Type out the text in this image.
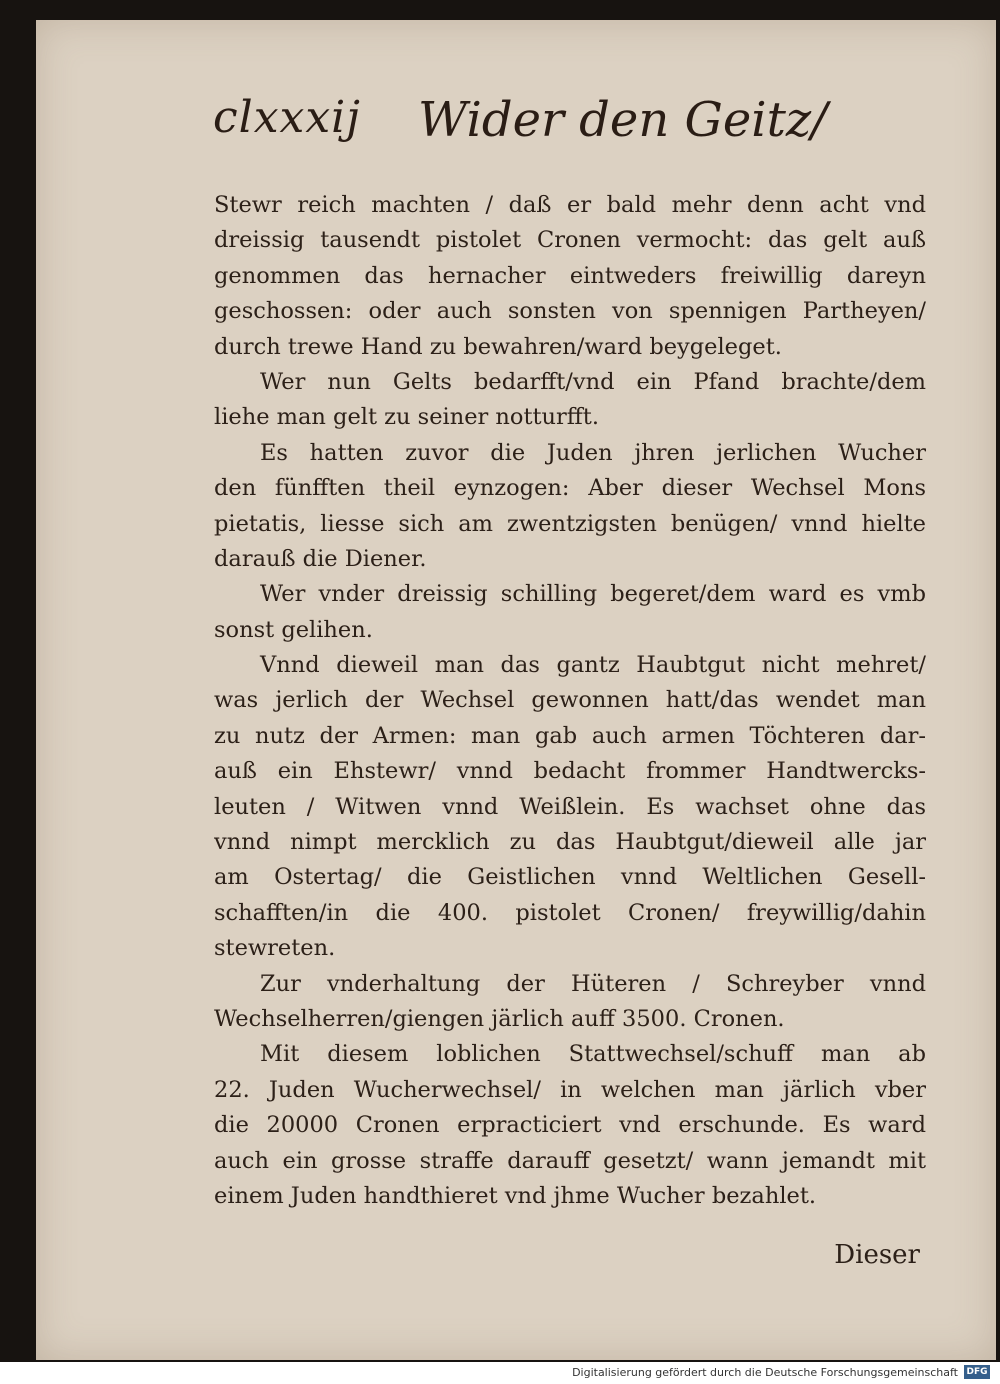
clxxxij Wider den Geitz/
Stewr reich machten / daß er bald mehr denn acht vnd
dreissig tausendt pistolet Cronen vermocht: das gelt auß
genommen das hernacher eintweders freiwillig dareyn
geschossen: oder auch sonsten von spennigen Partheyen/
durch trewe Hand zu bewahren/ward beygeleget.
Wer nun Gelts bedarfft/vnd ein Pfand brachte/dem
liehe man gelt zu seiner notturfft.
Es hatten zuvor die Juden jhren jerlichen Wucher
den fünfften theil eynzogen: Aber dieser Wechsel Mons
pietatis, liesse sich am zwentzigsten benügen/ vnnd hielte
darauß die Diener.
Wer vnder dreissig schilling begeret/dem ward es vmb
sonst gelihen.
Vnnd dieweil man das gantz Haubtgut nicht mehret/
was jerlich der Wechsel gewonnen hatt/das wendet man
zu nutz der Armen: man gab auch armen Töchteren dar-
auß ein Ehstewr/ vnnd bedacht frommer Handtwercks-
leuten / Witwen vnnd Weißlein. Es wachset ohne das
vnnd nimpt mercklich zu das Haubtgut/dieweil alle jar
am Ostertag/ die Geistlichen vnnd Weltlichen Gesell-
schafften/in die 400. pistolet Cronen/ freywillig/dahin
stewreten.
Zur vnderhaltung der Hüteren / Schreyber vnnd
Wechselherren/giengen järlich auff 3500. Cronen.
Mit diesem loblichen Stattwechsel/schuff man ab
22. Juden Wucherwechsel/ in welchen man järlich vber
die 20000 Cronen erpracticiert vnd erschunde. Es ward
auch ein grosse straffe darauff gesetzt/ wann jemandt mit
einem Juden handthieret vnd jhme Wucher bezahlet.
Dieser
Digitalisierung gefördert durch die Deutsche Forschungsgemeinschaft DFG
